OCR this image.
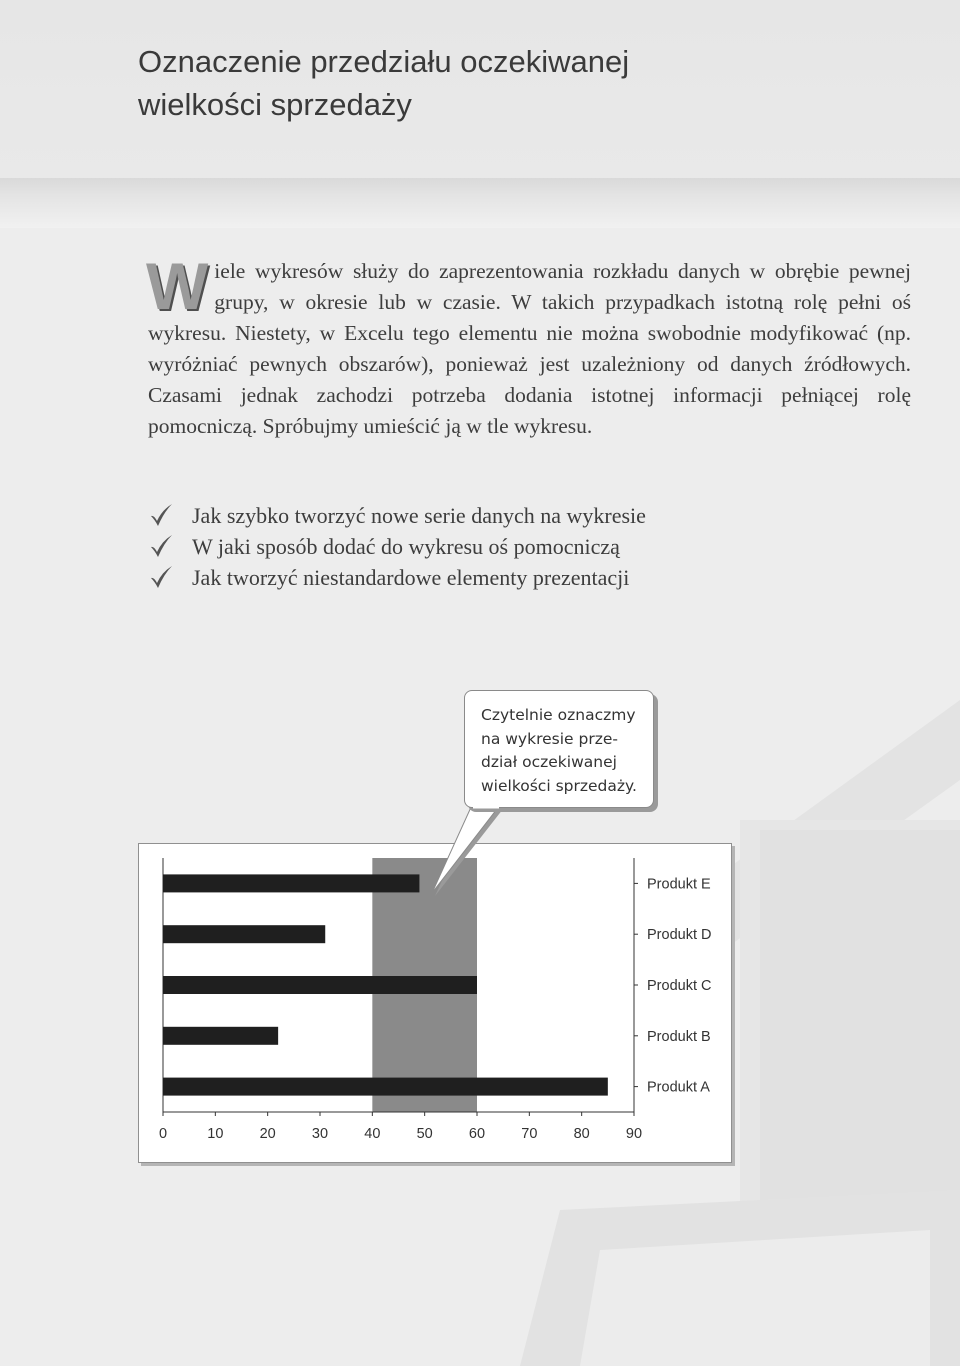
Oznaczenie przedziału oczekiwanej
wielkości sprzedaży

Wiele wykresów służy do zaprezentowania rozkładu danych w obrębie pewnej grupy, w okresie lub w czasie. W takich przypadkach istotną rolę pełni oś wykresu. Niestety, w Excelu tego elementu nie można swobodnie modyfikować (np. wyróżniać pewnych obszarów), ponieważ jest uzależniony od danych źródłowych. Czasami jednak zachodzi potrzeba dodania istotnej informacji pełniącej rolę pomocniczą. Spróbujmy umieścić ją w tle wykresu.

Jak szybko tworzyć nowe serie danych na wykresie
W jaki sposób dodać do wykresu oś pomocniczą
Jak tworzyć niestandardowe elementy prezentacji
0	10 20 30 40 50 60 70 80 90
Produkt A
Produkt B
Produkt C
Produkt D
Produkt E
Czytelnie oznaczmy
na wykresie prze-
dział oczekiwanej
wielkości sprzedaży.
